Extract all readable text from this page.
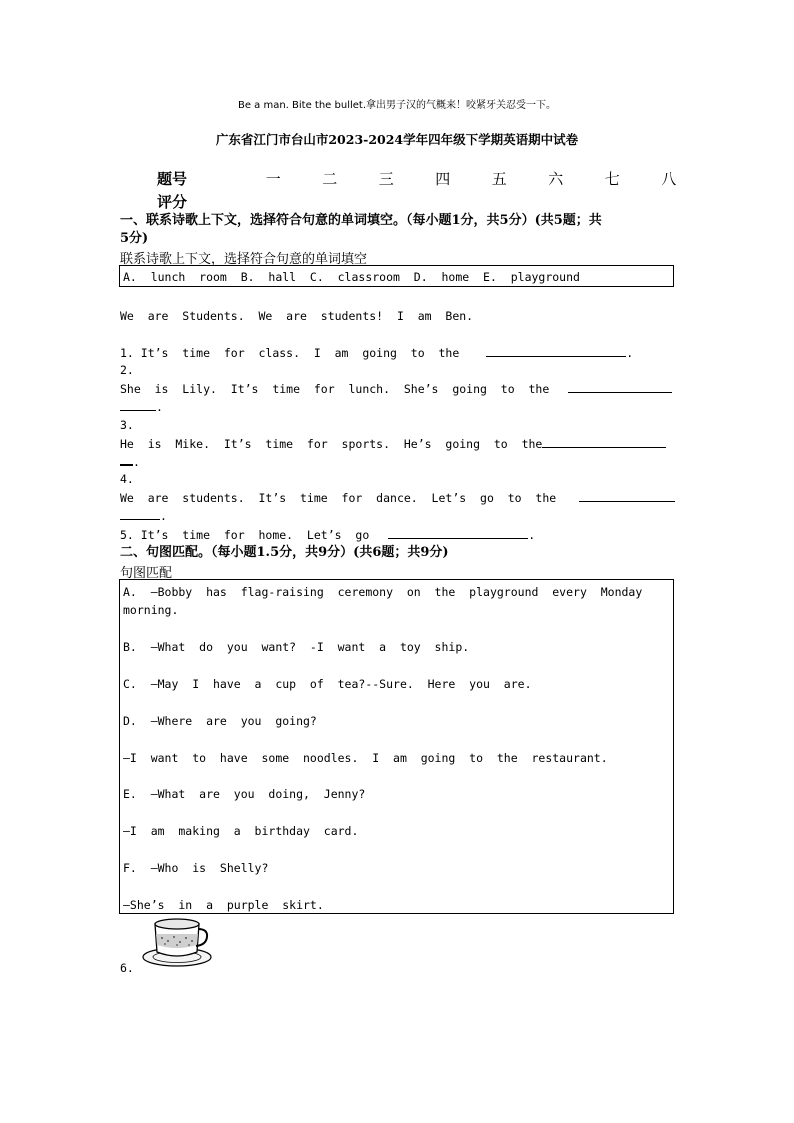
Be a man. Bite the bullet.拿出男子汉的气概来！咬紧牙关忍受一下。
广东省江门市台山市2023-2024学年四年级下学期英语期中试卷
题号	一	二	三	四	五	六	七	八
评分
一、联系诗歌上下文，选择符合句意的单词填空。（每小题1分，共5分）(共5题；共
5分)
联系诗歌上下文，选择符合句意的单词填空
A.  lunch  room  B.  hall  C.  classroom  D.  home  E.  playground
We  are  Students.  We  are  students!  I  am  Ben.
1. It’s  time  for  class.  I  am  going  to  the	.
2.
She  is  Lily.  It’s  time  for  lunch.  She’s  going  to  the
.
3.
He  is  Mike.  It’s  time  for  sports.  He’s  going  to  the
.
4.
We  are  students.  It’s  time  for  dance.  Let’s  go  to  the
.
5. It’s  time  for  home.  Let’s  go	.
二、句图匹配。（每小题1.5分，共9分）(共6题；共9分)
句图匹配
A.  —Bobby  has  flag-raising  ceremony  on  the  playground  every  Monday
morning.
B.  —What  do  you  want?  -I  want  a  toy  ship.
C.  —May  I  have  a  cup  of  tea?--Sure.  Here  you  are.
D.  —Where  are  you  going?
—I  want  to  have  some  noodles.  I  am  going  to  the  restaurant.
E.  —What  are  you  doing,  Jenny?
—I  am  making  a  birthday  card.
F.  —Who  is  Shelly?
—She’s  in  a  purple  skirt.
6.
